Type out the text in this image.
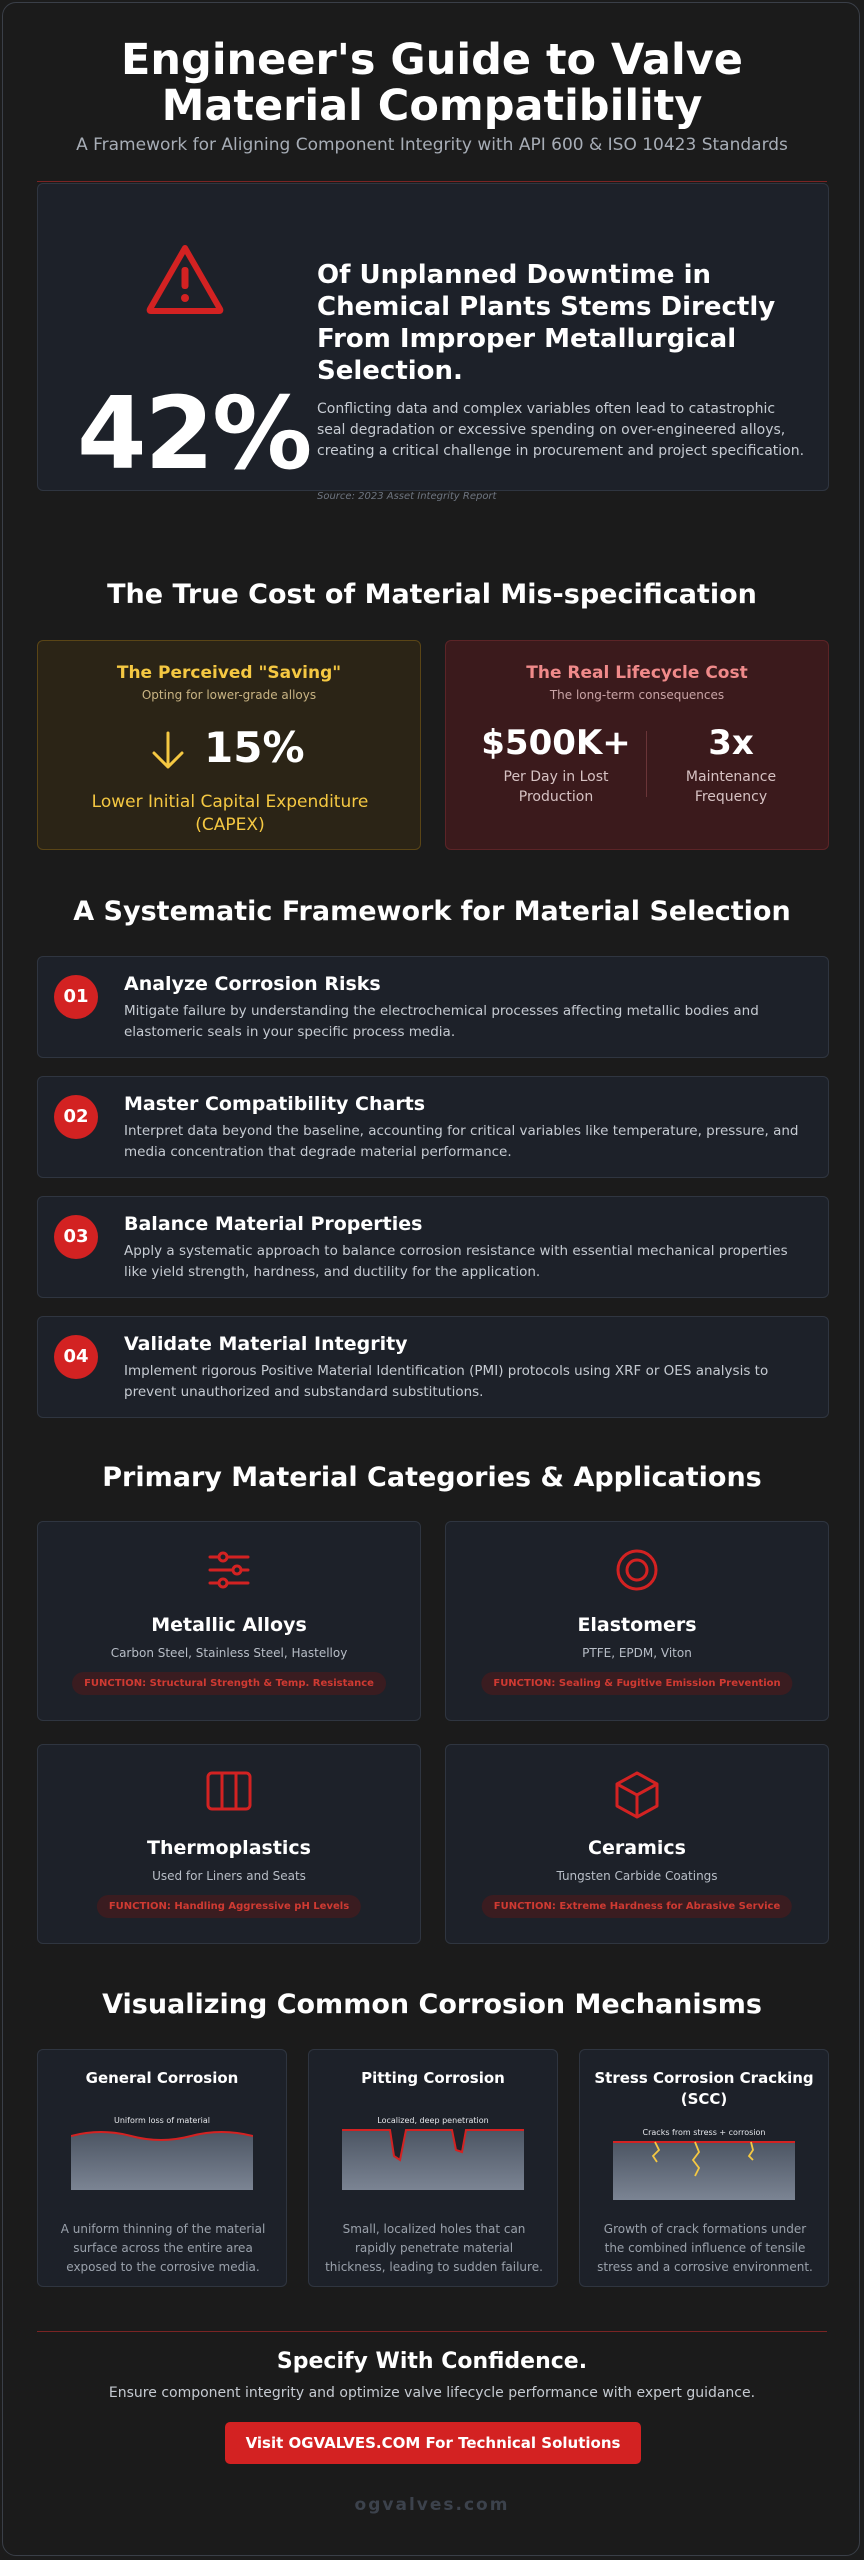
Engineer's Guide to Valve
Material Compatibility
A Framework for Aligning Component Integrity with API 600 & ISO 10423 Standards
42%
Of Unplanned Downtime in Chemical Plants Stems Directly From Improper Metallurgical Selection.
Conflicting data and complex variables often lead to catastrophic seal degradation or excessive spending on over-engineered alloys, creating a critical challenge in procurement and project specification.
Source: 2023 Asset Integrity Report
The True Cost of Material Mis-specification
The Perceived "Saving"
Opting for lower-grade alloys
15%
Lower Initial Capital Expenditure (CAPEX)
The Real Lifecycle Cost
The long-term consequences
$500K+
Per Day in Lost Production
3x
Maintenance Frequency
A Systematic Framework for Material Selection
01
Analyze Corrosion Risks
Mitigate failure by understanding the electrochemical processes affecting metallic bodies and elastomeric seals in your specific process media.
02
Master Compatibility Charts
Interpret data beyond the baseline, accounting for critical variables like temperature, pressure, and media concentration that degrade material performance.
03
Balance Material Properties
Apply a systematic approach to balance corrosion resistance with essential mechanical properties like yield strength, hardness, and ductility for the application.
04
Validate Material Integrity
Implement rigorous Positive Material Identification (PMI) protocols using XRF or OES analysis to prevent unauthorized and substandard substitutions.
Primary Material Categories & Applications
Metallic Alloys
Carbon Steel, Stainless Steel, Hastelloy
FUNCTION: Structural Strength & Temp. Resistance
Elastomers
PTFE, EPDM, Viton
FUNCTION: Sealing & Fugitive Emission Prevention
Thermoplastics
Used for Liners and Seats
FUNCTION: Handling Aggressive pH Levels
Ceramics
Tungsten Carbide Coatings
FUNCTION: Extreme Hardness for Abrasive Service
Visualizing Common Corrosion Mechanisms
General Corrosion
Uniform loss of material
A uniform thinning of the material surface across the entire area exposed to the corrosive media.
Pitting Corrosion
Localized, deep penetration
Small, localized holes that can rapidly penetrate material thickness, leading to sudden failure.
Stress Corrosion Cracking (SCC)
Cracks from stress + corrosion
Growth of crack formations under the combined influence of tensile stress and a corrosive environment.
Specify With Confidence.
Ensure component integrity and optimize valve lifecycle performance with expert guidance.
Visit OGVALVES.COM For Technical Solutions
ogvalves.com
